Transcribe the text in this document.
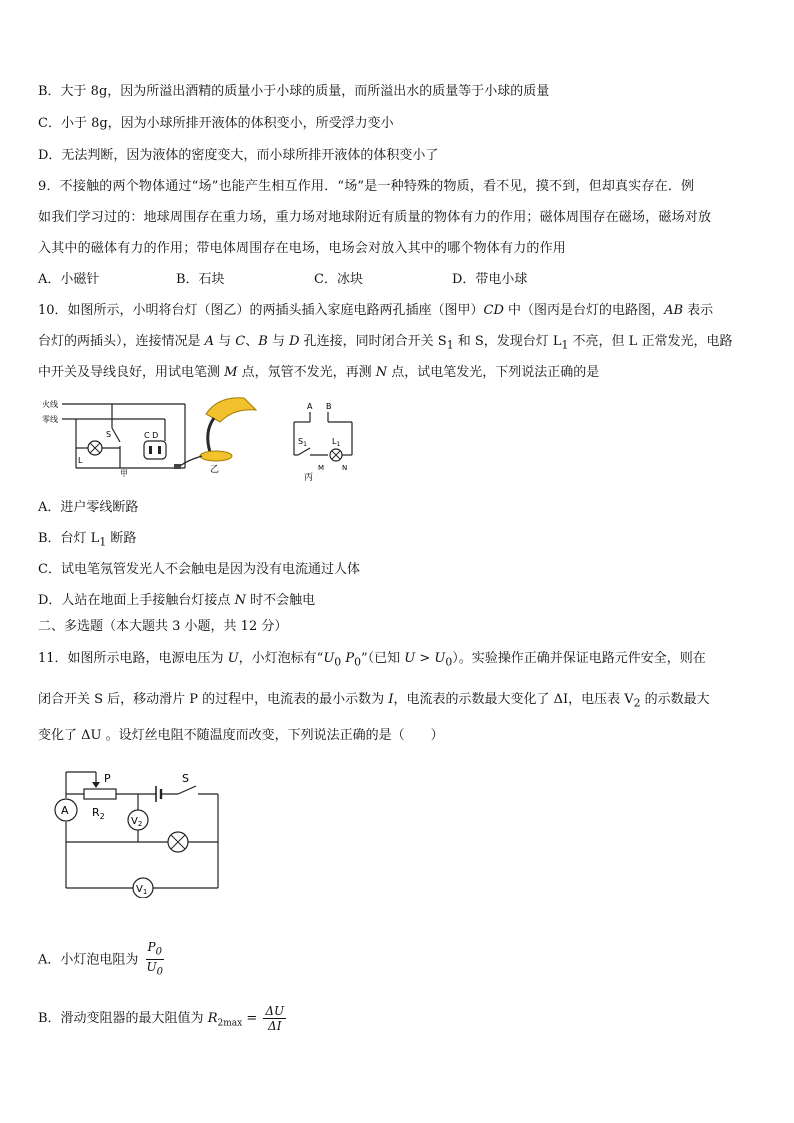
B．大于 8g，因为所溢出酒精的质量小于小球的质量，而所溢出水的质量等于小球的质量
C．小于 8g，因为小球所排开液体的体积变小，所受浮力变小
D．无法判断，因为液体的密度变大，而小球所排开液体的体积变小了
9．不接触的两个物体通过“场”也能产生相互作用．“场”是一种特殊的物质，看不见，摸不到，但却真实存在．例
如我们学习过的：地球周围存在重力场，重力场对地球附近有质量的物体有力的作用；磁体周围存在磁场，磁场对放
入其中的磁体有力的作用；带电体周围存在电场，电场会对放入其中的哪个物体有力的作用
A．小磁针	B．石块	C．冰块	D．带电小球
10．如图所示，小明将台灯（图乙）的两插头插入家庭电路两孔插座（图甲）CD 中（图丙是台灯的电路图，AB 表示
台灯的两插头），连接情况是 A 与 C、B 与 D 孔连接，同时闭合开关 $S_1$ 和 S，发现台灯 $L_1$ 不亮，但 L 正常发光，电路
中开关及导线良好，用试电笔测 M 点，氖管不发光，再测 N 点，试电笔发光，下列说法正确的是
火线
零线
S
L
C D
甲	乙
A B
$S_1$	$L_1$
M	N
丙
A．进户零线断路
B．台灯 $L_1$ 断路
C．试电笔氖管发光人不会触电是因为没有电流通过人体
D．人站在地面上手接触台灯接点 N 时不会触电
二、多选题（本大题共 3 小题，共 12 分）
11．如图所示电路，电源电压为 U，小灯泡标有“$U_0$ $P_0$”（已知 $U > U_0$）。实验操作正确并保证电路元件安全，则在
闭合开关 S 后，移动滑片 P 的过程中，电流表的最小示数为 I，电流表的示数最大变化了 ΔI，电压表 $V_2$ 的示数最大
变化了 ΔU 。设灯丝电阻不随温度而改变，下列说法正确的是（　　）
A
P
$R_2$
S
$V_2$
$V_1$
A．小灯泡电阻为 $\frac{P_0}{U_0}$
B．滑动变阻器的最大阻值为 $R_{2max} = \frac{\Delta U}{\Delta I}$
